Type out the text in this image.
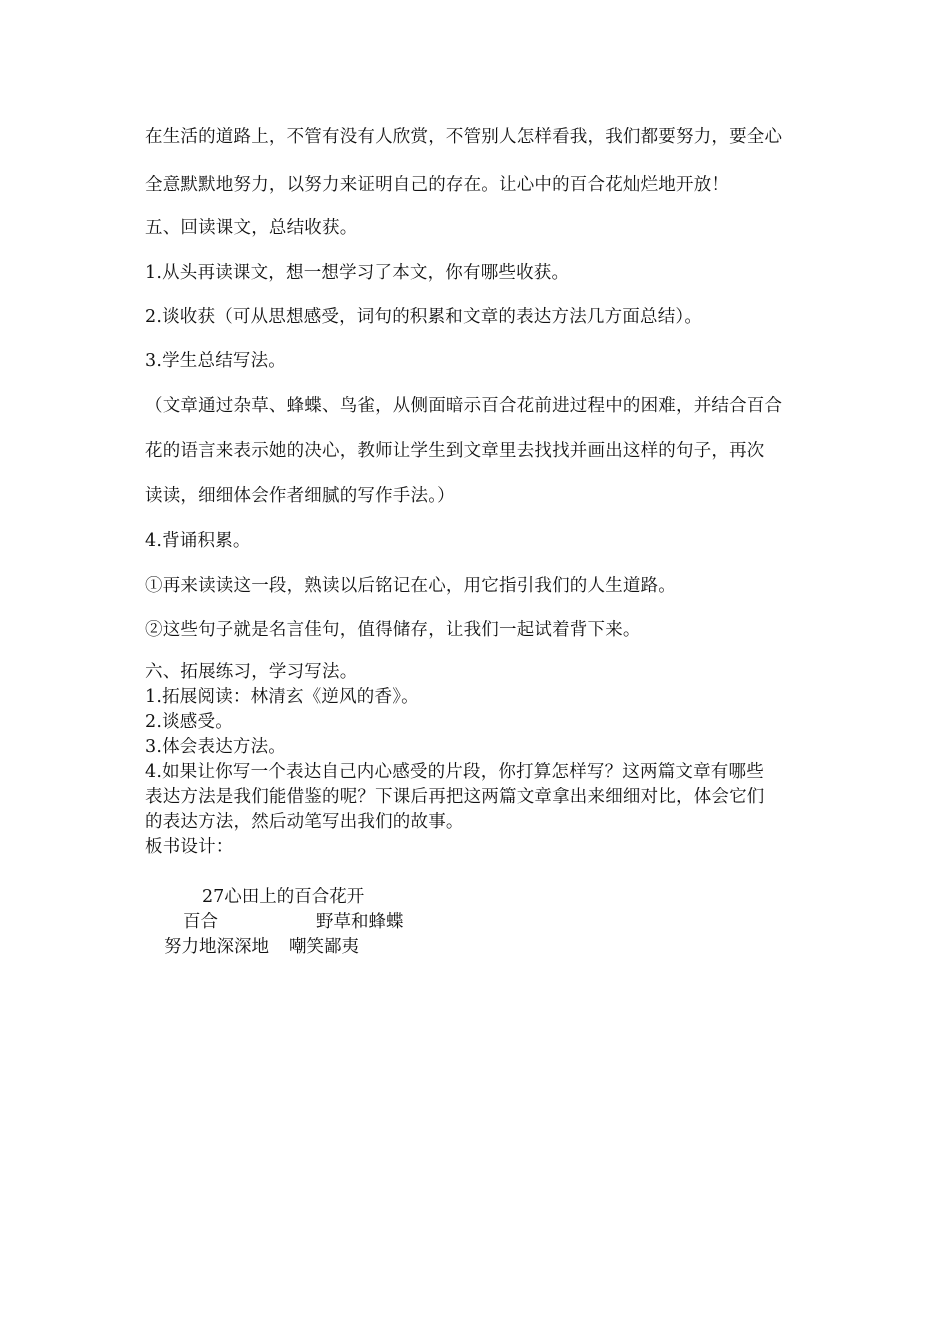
在生活的道路上，不管有没有人欣赏，不管别人怎样看我，我们都要努力，要全心
全意默默地努力，以努力来证明自己的存在。让心中的百合花灿烂地开放！
五、回读课文，总结收获。
1.从头再读课文，想一想学习了本文，你有哪些收获。
2.谈收获（可从思想感受，词句的积累和文章的表达方法几方面总结）。
3.学生总结写法。
（文章通过杂草、蜂蝶、鸟雀，从侧面暗示百合花前进过程中的困难，并结合百合
花的语言来表示她的决心，教师让学生到文章里去找找并画出这样的句子，再次
读读，细细体会作者细腻的写作手法。）
4.背诵积累。
①再来读读这一段，熟读以后铭记在心，用它指引我们的人生道路。
②这些句子就是名言佳句，值得储存，让我们一起试着背下来。
六、拓展练习，学习写法。
1.拓展阅读：林清玄《逆风的香》。
2.谈感受。
3.体会表达方法。
4.如果让你写一个表达自己内心感受的片段，你打算怎样写？这两篇文章有哪些
表达方法是我们能借鉴的呢？下课后再把这两篇文章拿出来细细对比，体会它们
的表达方法，然后动笔写出我们的故事。
板书设计：
27心田上的百合花开
百合	野草和蜂蝶
努力地深深地 嘲笑鄙夷
